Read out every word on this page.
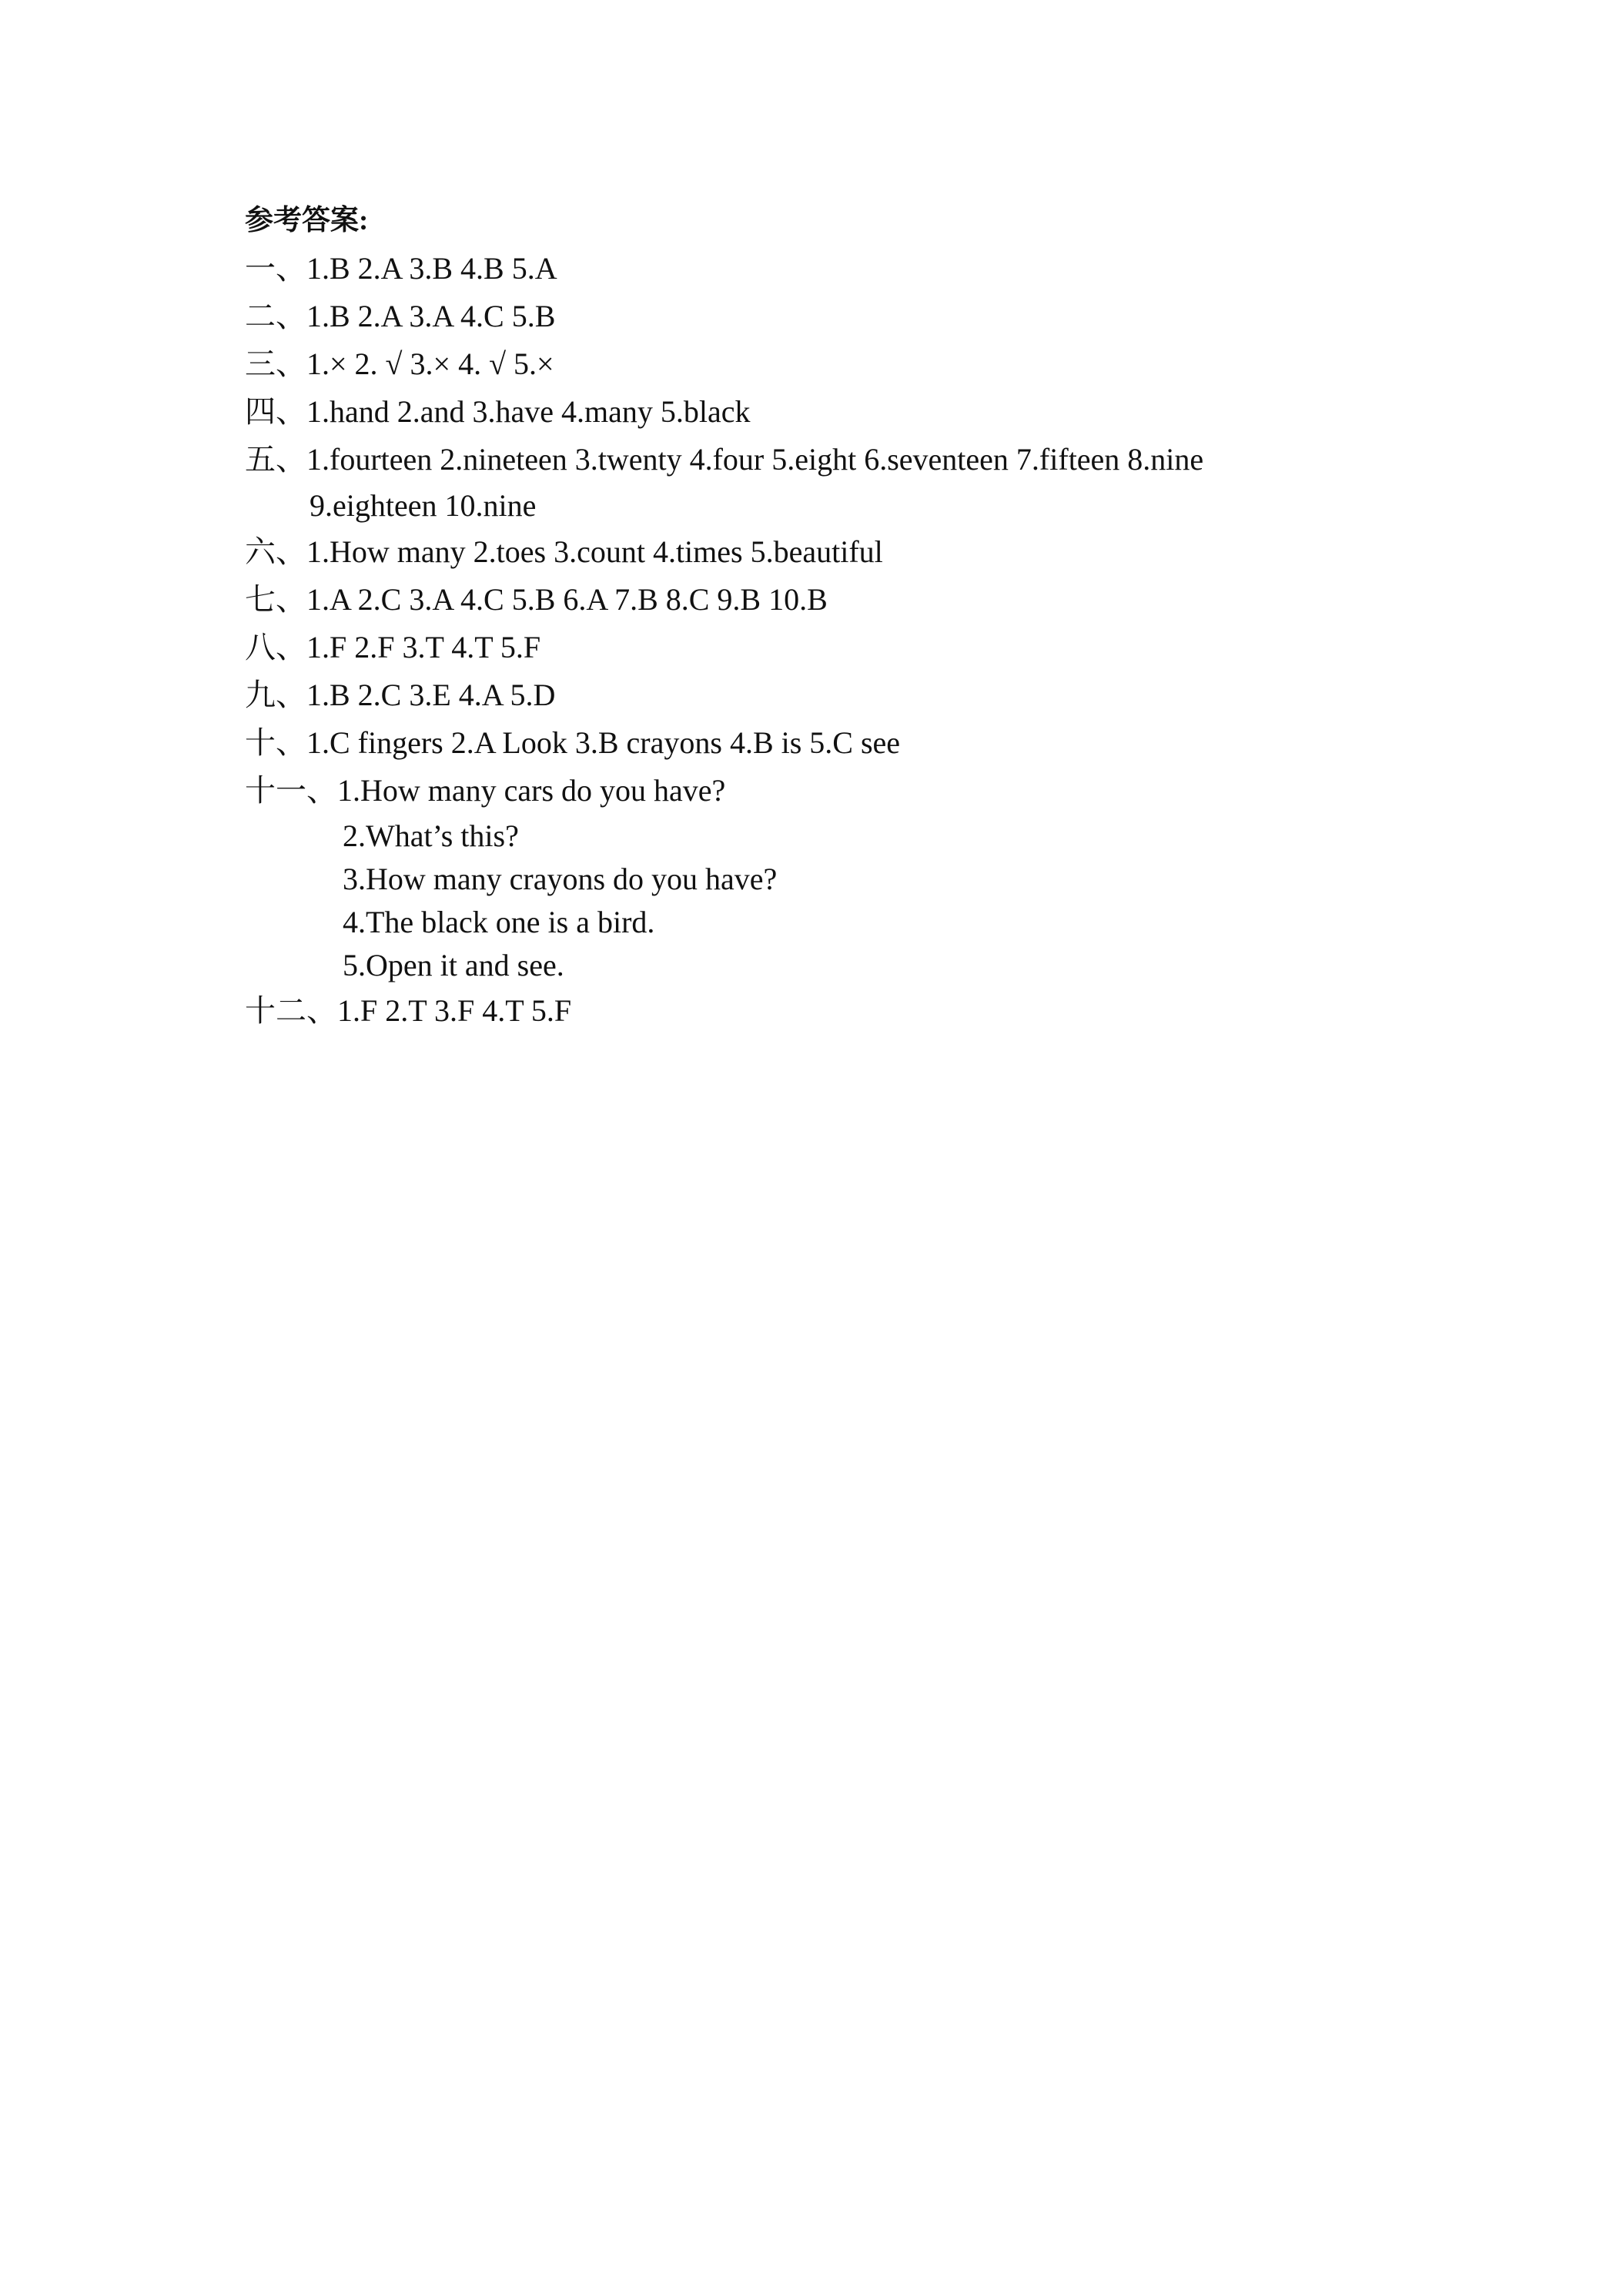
参考答案:

一、1.B 2.A 3.B 4.B 5.A

二、1.B 2.A 3.A 4.C 5.B

三、1.× 2. √ 3.× 4. √ 5.×

四、1.hand 2.and 3.have 4.many 5.black

五、1.fourteen 2.nineteen 3.twenty 4.four 5.eight 6.seventeen 7.fifteen 8.nine
9.eighteen 10.nine

六、1.How many 2.toes 3.count 4.times 5.beautiful

七、1.A 2.C 3.A 4.C 5.B 6.A 7.B 8.C 9.B 10.B

八、1.F 2.F 3.T 4.T 5.F

九、1.B 2.C 3.E 4.A 5.D

十、1.C fingers 2.A Look 3.B crayons 4.B is 5.C see

十一、1.How many cars do you have?
2.What’s this?
3.How many crayons do you have?
4.The black one is a bird.
5.Open it and see.

十二、1.F 2.T 3.F 4.T 5.F
